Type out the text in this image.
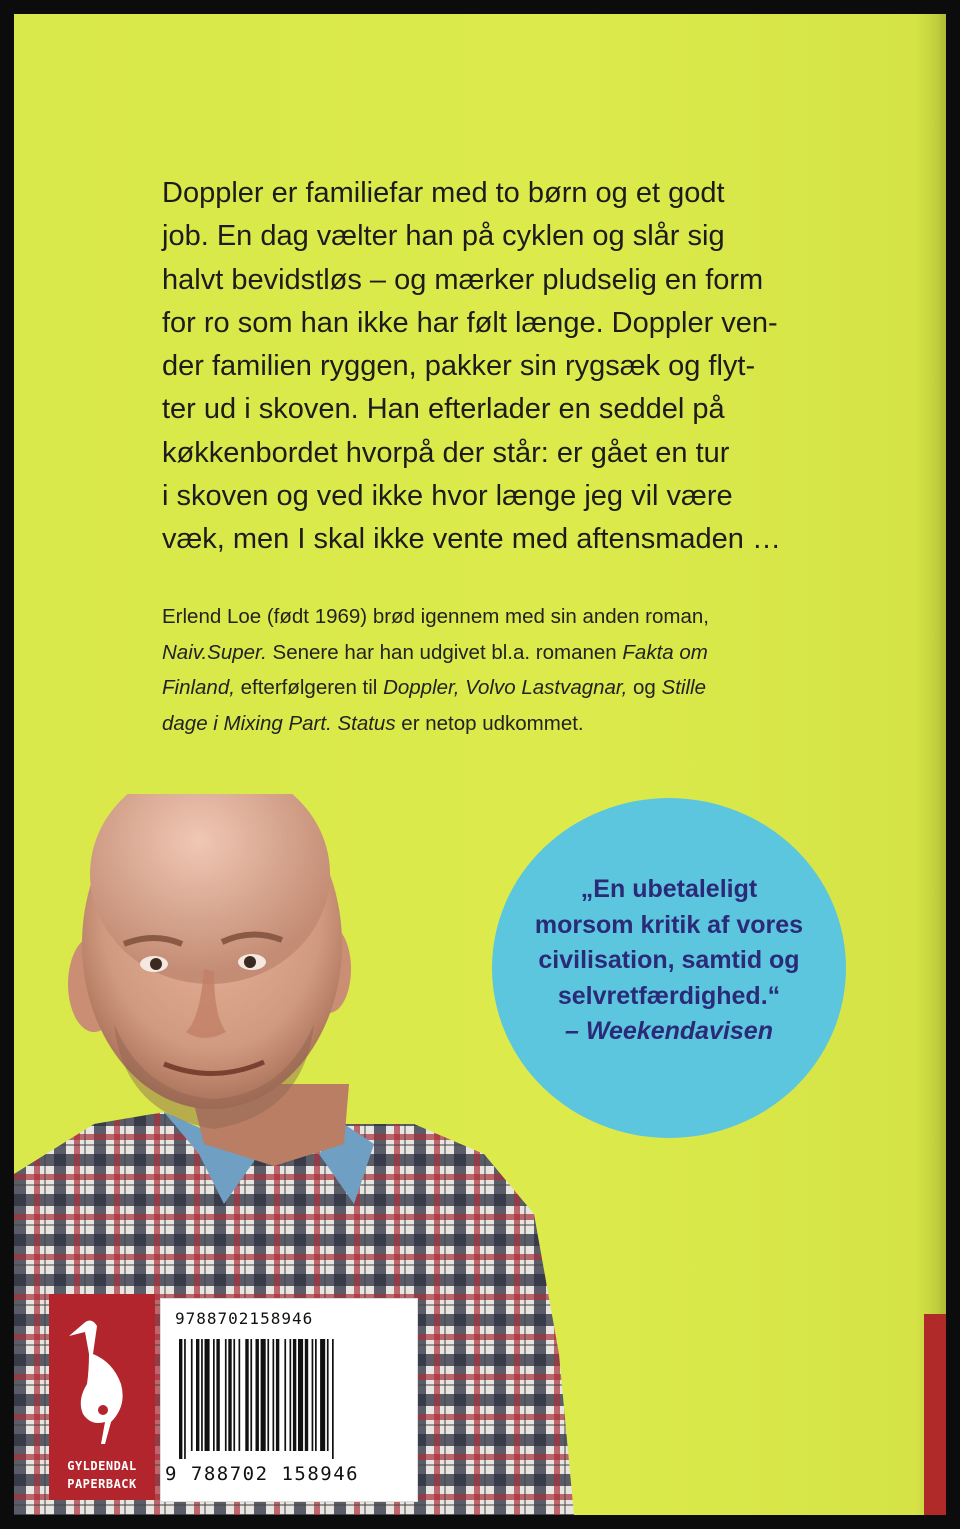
Doppler er familiefar med to børn og et godt
job. En dag vælter han på cyklen og slår sig
halvt bevidstløs – og mærker pludselig en form
for ro som han ikke har følt længe. Doppler ven-
der familien ryggen, pakker sin rygsæk og flyt-
ter ud i skoven. Han efterlader en seddel på
køkkenbordet hvorpå der står: er gået en tur
i skoven og ved ikke hvor længe jeg vil være
væk, men I skal ikke vente med aftensmaden …

Erlend Loe (født 1969) brød igennem med sin anden roman,
Naiv.Super. Senere har han udgivet bl.a. romanen Fakta om
Finland, efterfølgeren til Doppler, Volvo Lastvagnar, og Stille
dage i Mixing Part. Status er netop udkommet.

„En ubetaleligt
morsom kritik af vores
civilisation, samtid og
selvretfærdighed.“
– Weekendavisen
GYLDENDAL
PAPERBACK
9788702158946
9 788702 158946
